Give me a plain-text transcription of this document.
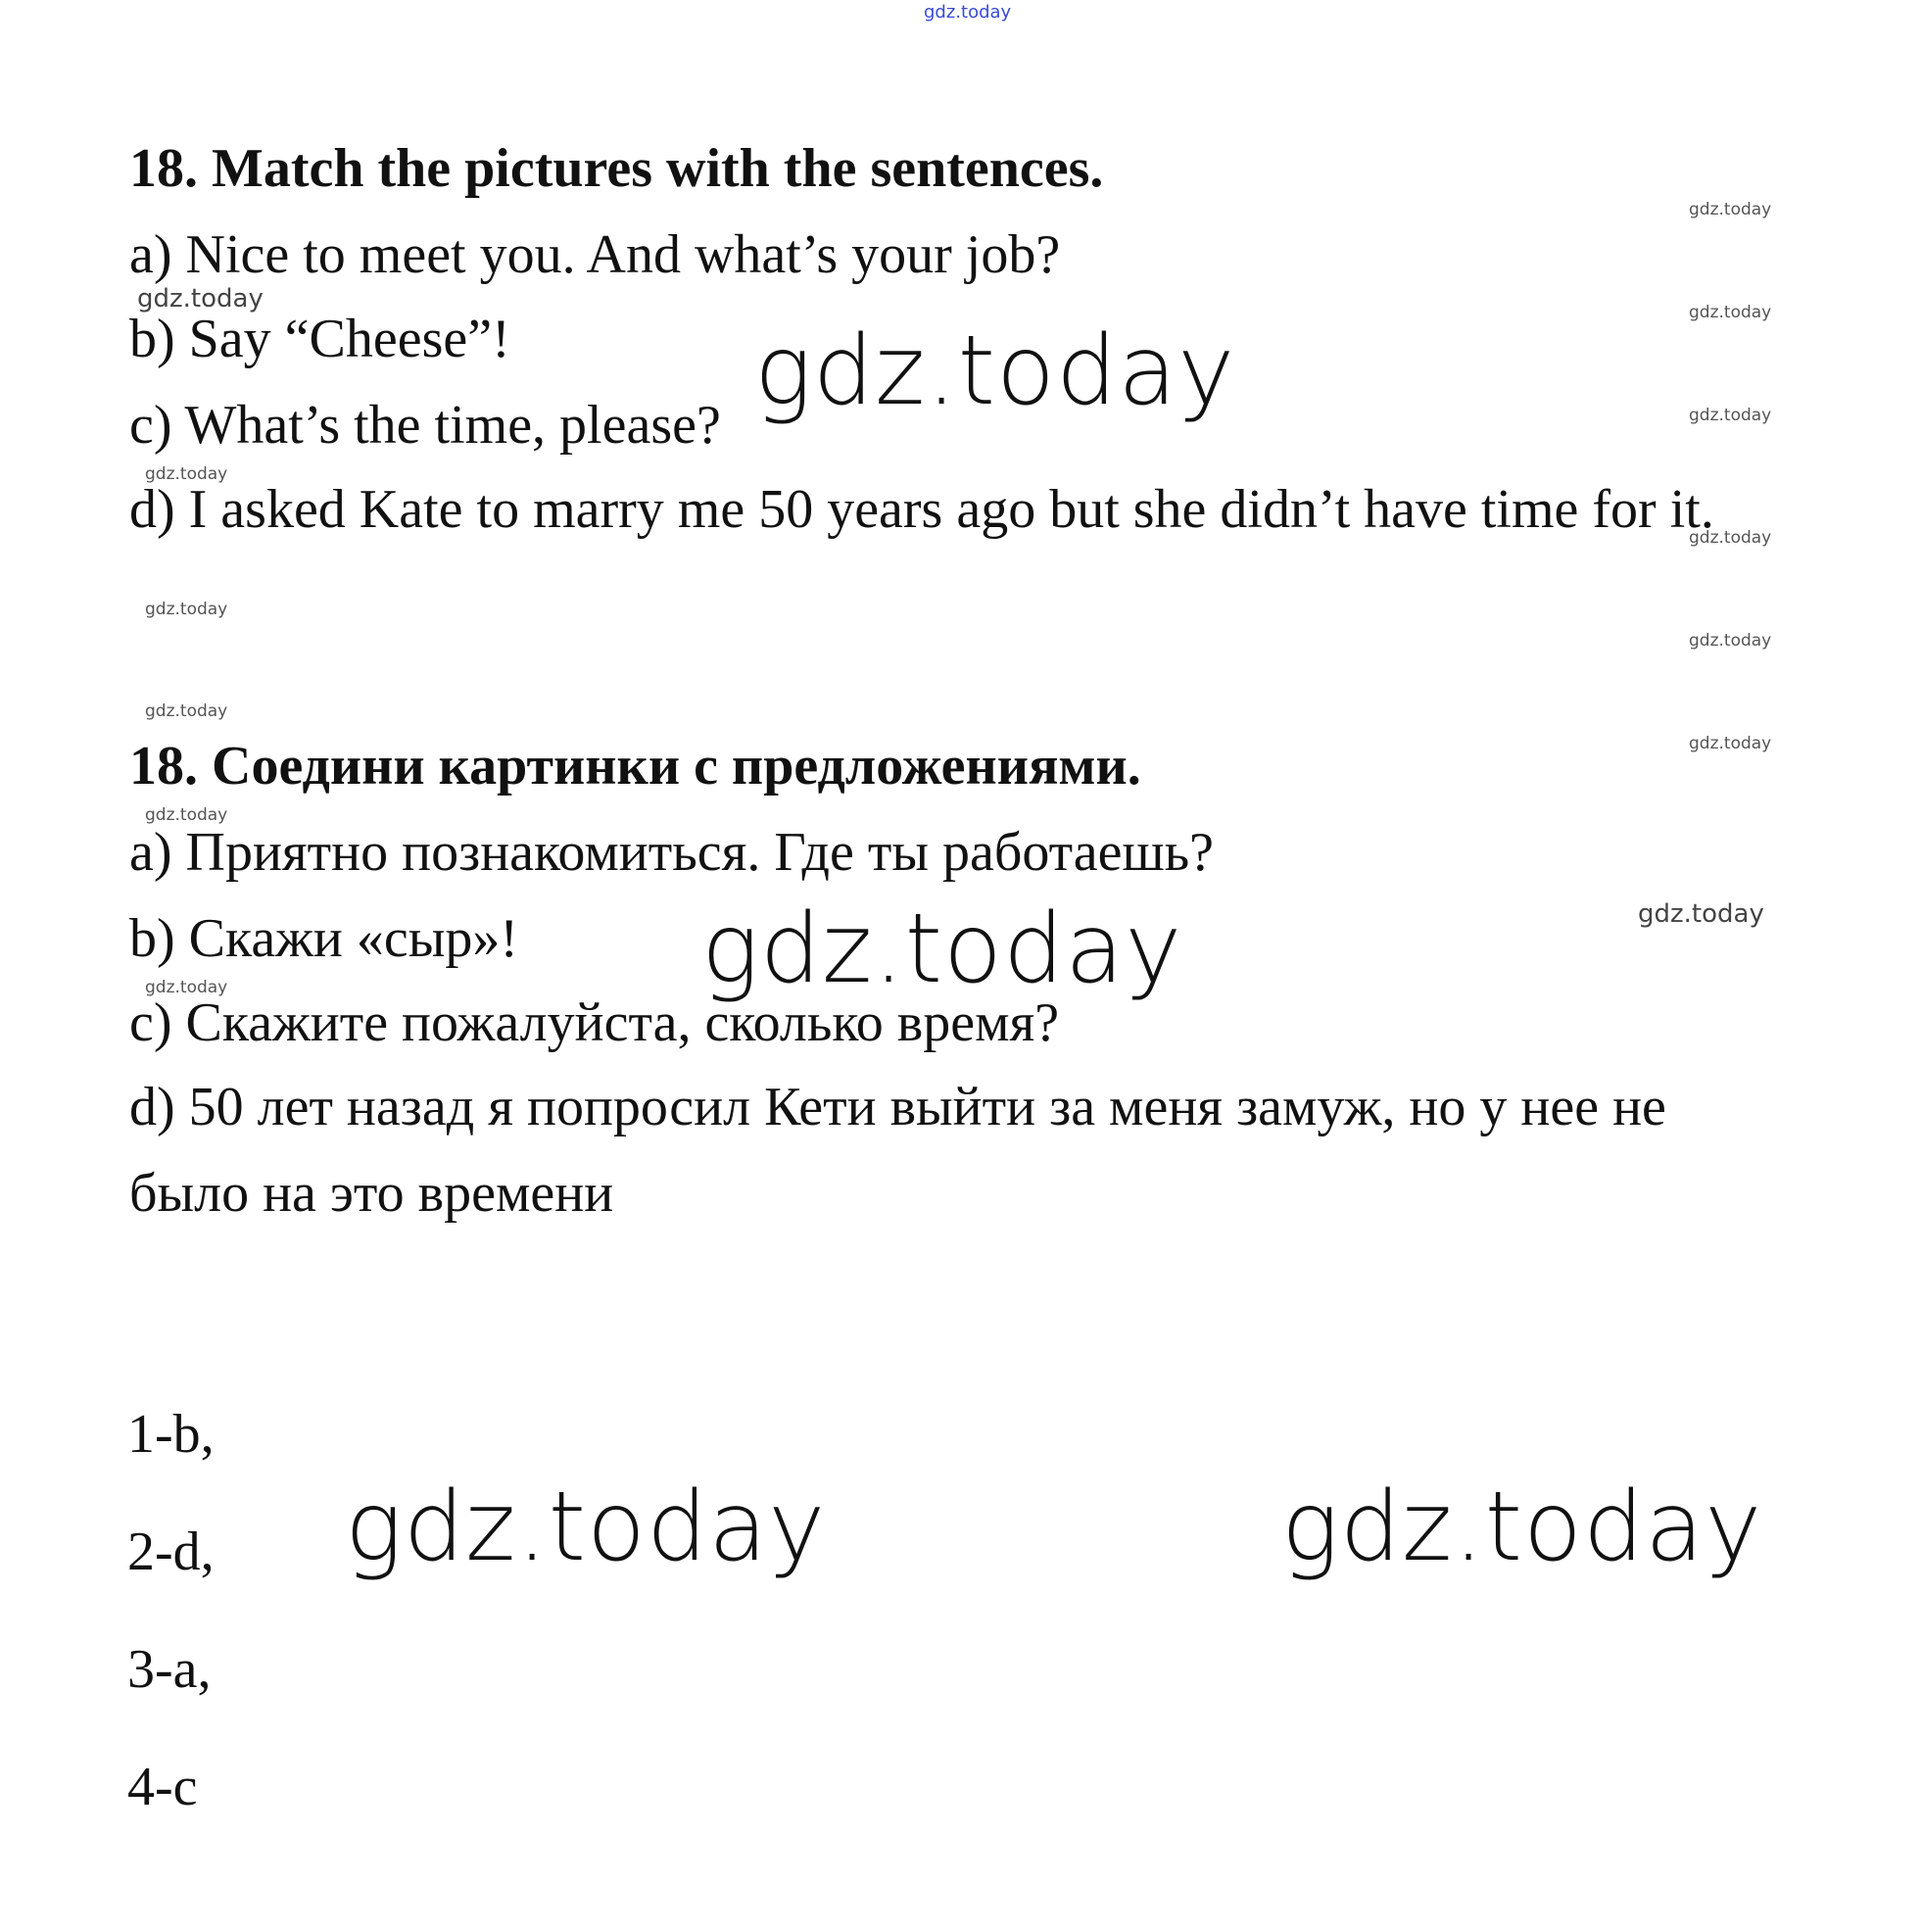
gdz.today
18. Match the pictures with the sentences.
a) Nice to meet you. And what’s your job?
b) Say “Cheese”!
c) What’s the time, please?
d) I asked Kate to marry me 50 years ago but she didn’t have time for it.
18. Соедини картинки с предложениями.
a) Приятно познакомиться. Где ты работаешь?
b) Скажи «сыр»!
c) Скажите пожалуйста, сколько время?
d) 50 лет назад я попросил Кети выйти за меня замуж, но у нее не
было на это времени
1-b,
2-d,
3-a,
4-c
gdz.today
gdz.today
gdz.today	gdz.today
gdz.today
gdz.today
gdz.today
gdz.today
gdz.today
gdz.today
gdz.today
gdz.today
gdz.today
gdz.today
gdz.today
gdz.today
gdz.today
